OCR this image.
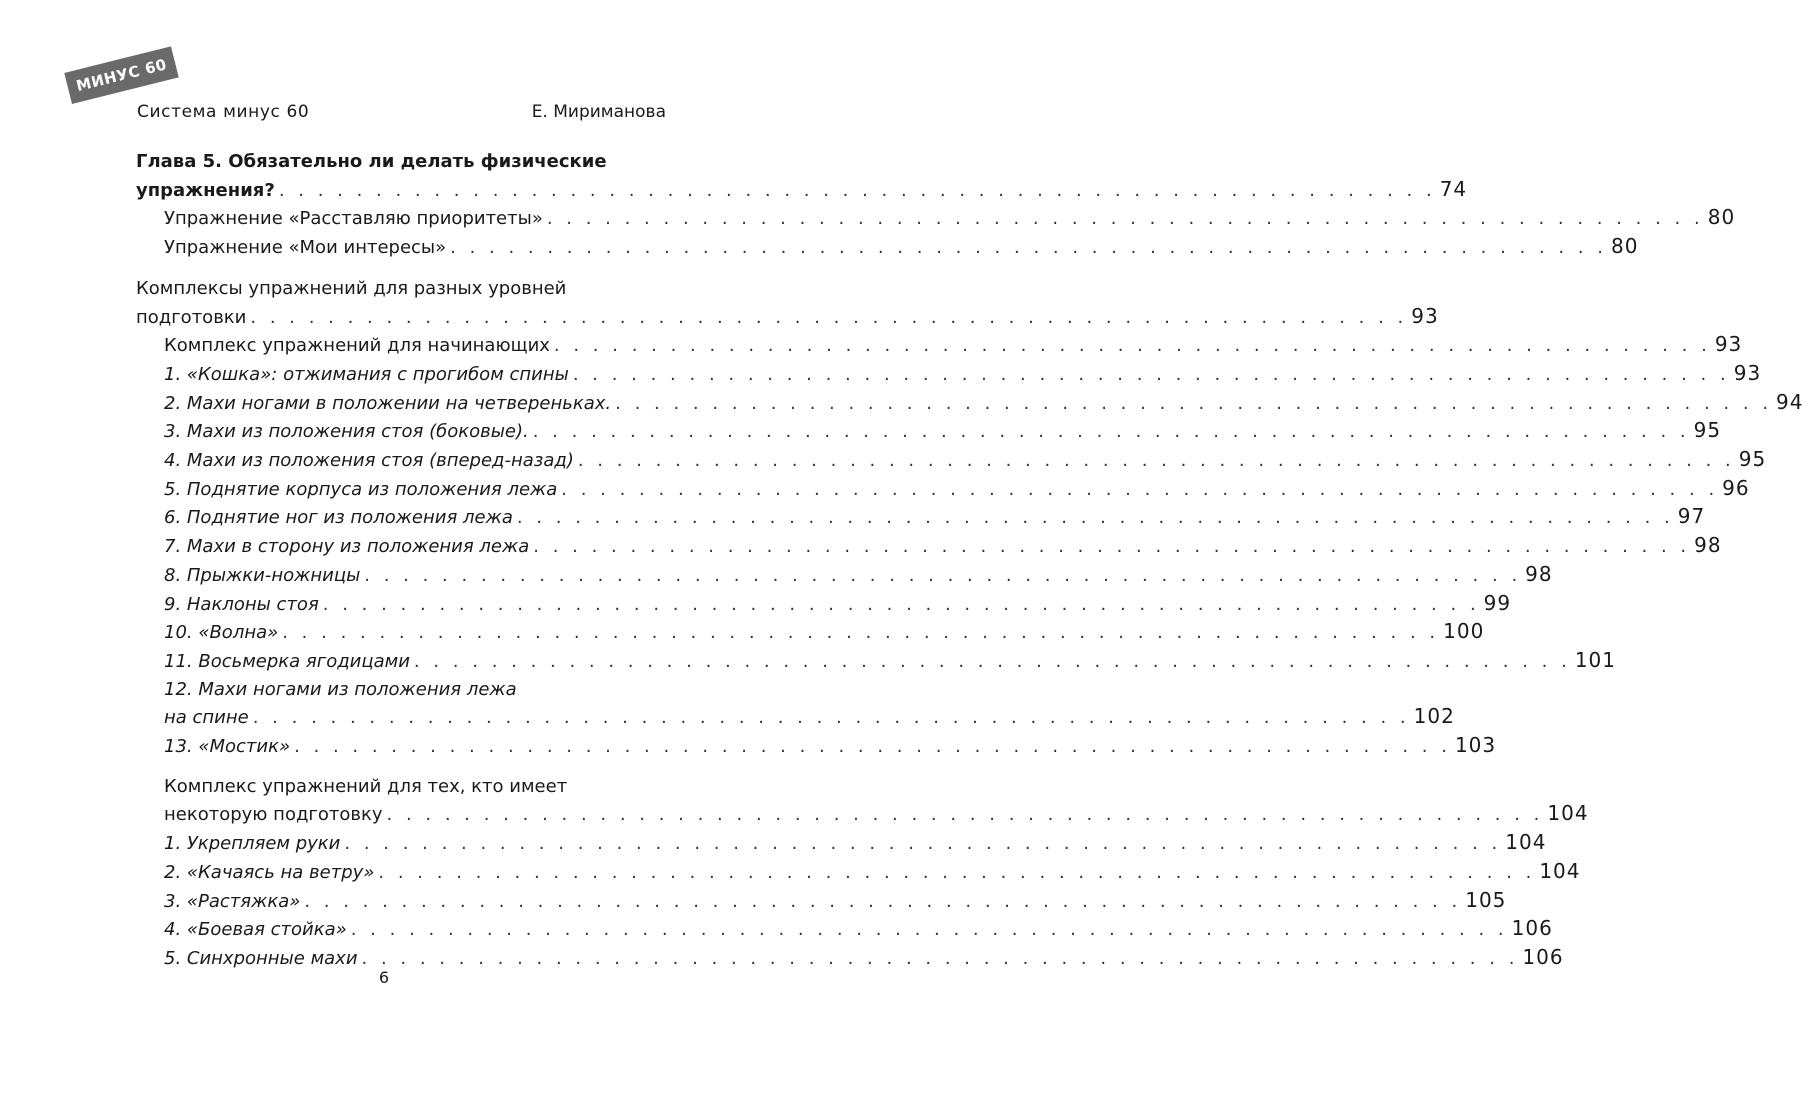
МИНУС 60
Система минус 60	Е. Мириманова
Глава 5. Обязательно ли делать физические
упражнения? . . . . . . . . . . . . . . . . . . . . . . . . . . . . . . . . . . . . . . . . . . . . . . . . . . . . . . . . . . . . 74
Упражнение «Расставляю приоритеты» . . . . . . . . . . . . . . . . . . . . . . . . . . . . . . . . . . . . . . . . . . . . . . . . . . . . . . . . . . . . 80
Упражнение «Мои интересы» . . . . . . . . . . . . . . . . . . . . . . . . . . . . . . . . . . . . . . . . . . . . . . . . . . . . . . . . . . . . 80
Комплексы упражнений для разных уровней
подготовки . . . . . . . . . . . . . . . . . . . . . . . . . . . . . . . . . . . . . . . . . . . . . . . . . . . . . . . . . . . . 93
Комплекс упражнений для начинающих . . . . . . . . . . . . . . . . . . . . . . . . . . . . . . . . . . . . . . . . . . . . . . . . . . . . . . . . . . . . 93
1. «Кошка»: отжимания с прогибом спины . . . . . . . . . . . . . . . . . . . . . . . . . . . . . . . . . . . . . . . . . . . . . . . . . . . . . . . . . . . . 93
2. Махи ногами в положении на четвереньках. . . . . . . . . . . . . . . . . . . . . . . . . . . . . . . . . . . . . . . . . . . . . . . . . . . . . . . . . . . . . 94
3. Махи из положения стоя (боковые). . . . . . . . . . . . . . . . . . . . . . . . . . . . . . . . . . . . . . . . . . . . . . . . . . . . . . . . . . . . . 95
4. Махи из положения стоя (вперед-назад) . . . . . . . . . . . . . . . . . . . . . . . . . . . . . . . . . . . . . . . . . . . . . . . . . . . . . . . . . . . . 95
5. Поднятие корпуса из положения лежа . . . . . . . . . . . . . . . . . . . . . . . . . . . . . . . . . . . . . . . . . . . . . . . . . . . . . . . . . . . . 96
6. Поднятие ног из положения лежа . . . . . . . . . . . . . . . . . . . . . . . . . . . . . . . . . . . . . . . . . . . . . . . . . . . . . . . . . . . . 97
7. Махи в сторону из положения лежа . . . . . . . . . . . . . . . . . . . . . . . . . . . . . . . . . . . . . . . . . . . . . . . . . . . . . . . . . . . . 98
8. Прыжки-ножницы . . . . . . . . . . . . . . . . . . . . . . . . . . . . . . . . . . . . . . . . . . . . . . . . . . . . . . . . . . . . 98
9. Наклоны стоя . . . . . . . . . . . . . . . . . . . . . . . . . . . . . . . . . . . . . . . . . . . . . . . . . . . . . . . . . . . . 99
10. «Волна» . . . . . . . . . . . . . . . . . . . . . . . . . . . . . . . . . . . . . . . . . . . . . . . . . . . . . . . . . . . . 100
11. Восьмерка ягодицами . . . . . . . . . . . . . . . . . . . . . . . . . . . . . . . . . . . . . . . . . . . . . . . . . . . . . . . . . . . . 101
12. Махи ногами из положения лежа
на спине . . . . . . . . . . . . . . . . . . . . . . . . . . . . . . . . . . . . . . . . . . . . . . . . . . . . . . . . . . . . 102
13. «Мостик» . . . . . . . . . . . . . . . . . . . . . . . . . . . . . . . . . . . . . . . . . . . . . . . . . . . . . . . . . . . . 103
Комплекс упражнений для тех, кто имеет
некоторую подготовку . . . . . . . . . . . . . . . . . . . . . . . . . . . . . . . . . . . . . . . . . . . . . . . . . . . . . . . . . . . . 104
1. Укрепляем руки . . . . . . . . . . . . . . . . . . . . . . . . . . . . . . . . . . . . . . . . . . . . . . . . . . . . . . . . . . . . 104
2. «Качаясь на ветру» . . . . . . . . . . . . . . . . . . . . . . . . . . . . . . . . . . . . . . . . . . . . . . . . . . . . . . . . . . . . 104
3. «Растяжка» . . . . . . . . . . . . . . . . . . . . . . . . . . . . . . . . . . . . . . . . . . . . . . . . . . . . . . . . . . . . 105
4. «Боевая стойка» . . . . . . . . . . . . . . . . . . . . . . . . . . . . . . . . . . . . . . . . . . . . . . . . . . . . . . . . . . . . 106
5. Синхронные махи . . . . . . . . . . . . . . . . . . . . . . . . . . . . . . . . . . . . . . . . . . . . . . . . . . . . . . . . . . . . 106
6
